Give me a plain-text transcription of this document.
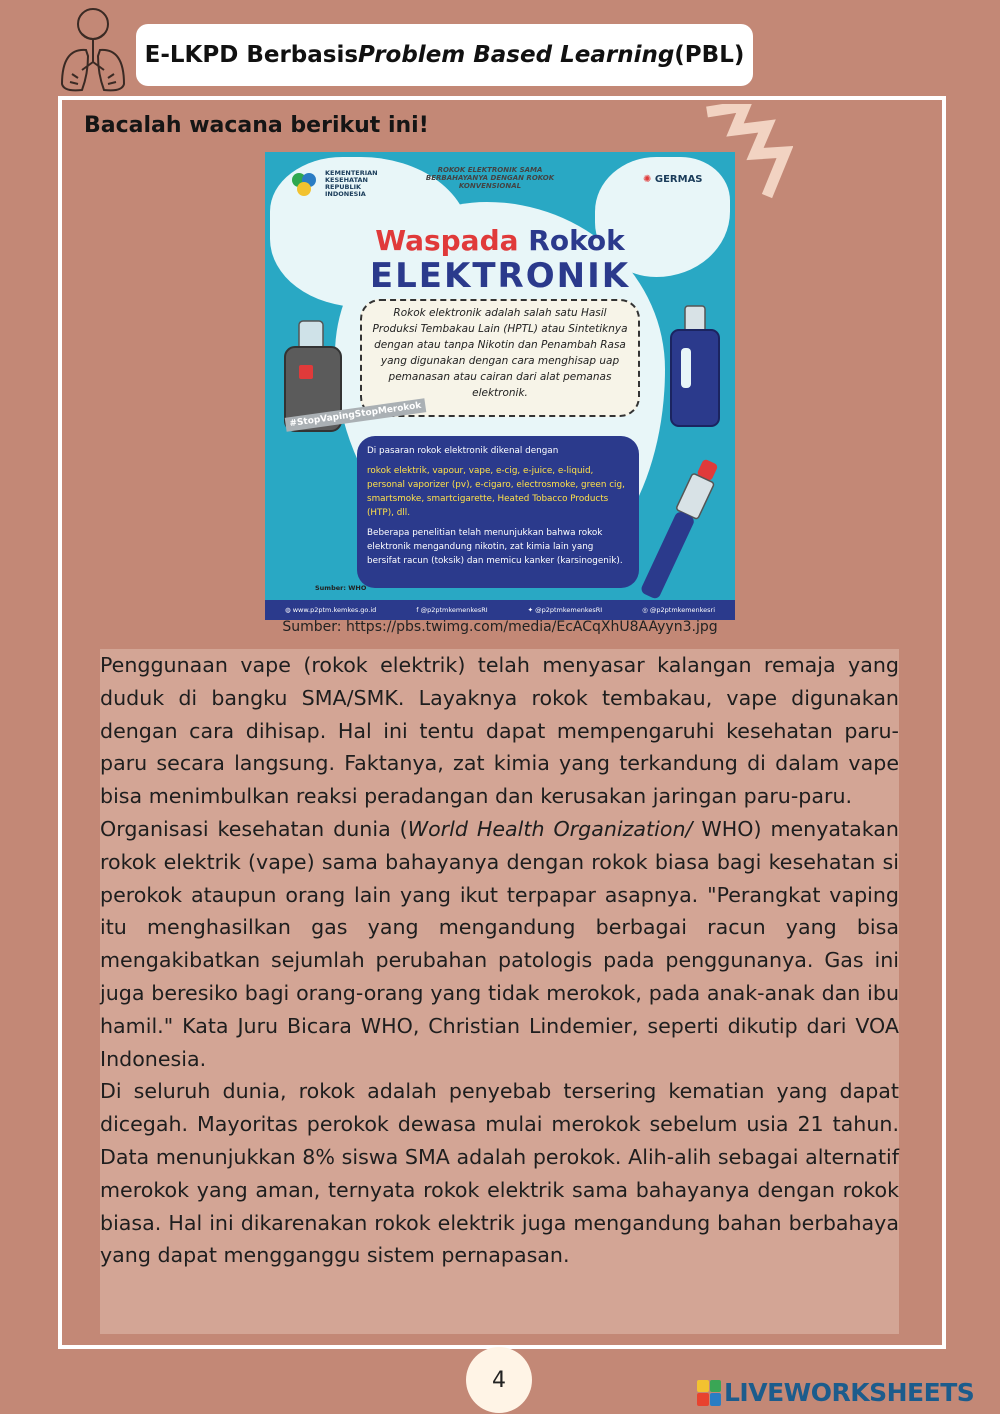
E-LKPD Berbasis Problem Based Learning (PBL)
Bacalah wacana berikut ini!
KEMENTERIAN KESEHATAN REPUBLIK INDONESIA
ROKOK ELEKTRONIK SAMA BERBAHAYANYA DENGAN ROKOK KONVENSIONAL
✺ GERMAS
Waspada Rokok
ELEKTRONIK
Rokok elektronik adalah salah satu Hasil Produksi Tembakau Lain (HPTL) atau Sintetiknya dengan atau tanpa Nikotin dan Penambah Rasa yang digunakan dengan cara menghisap uap pemanasan atau cairan dari alat pemanas elektronik.
#StopVapingStopMerokok

Di pasaran rokok elektronik dikenal dengan

rokok elektrik, vapour, vape, e-cig, e-juice, e-liquid, personal vaporizer (pv), e-cigaro, electrosmoke, green cig, smartsmoke, smartcigarette, Heated Tobacco Products (HTP), dll.

Beberapa penelitian telah menunjukkan bahwa rokok elektronik mengandung nikotin, zat kimia lain yang bersifat racun (toksik) dan memicu kanker (karsinogenik).

Sumber: WHO
◍ www.p2ptm.kemkes.go.id	f @p2ptmkemenkesRI	✦ @p2ptmkemenkesRI	◎ @p2ptmkemenkesri
Sumber: https://pbs.twimg.com/media/EcACqXhU8AAyyn3.jpg

Penggunaan vape (rokok elektrik) telah menyasar kalangan remaja yang duduk di bangku SMA/SMK. Layaknya rokok tembakau, vape digunakan dengan cara dihisap. Hal ini tentu dapat mempengaruhi kesehatan paru-paru secara langsung. Faktanya, zat kimia yang terkandung di dalam vape bisa menimbulkan reaksi peradangan dan kerusakan jaringan paru-paru.

Organisasi kesehatan dunia (World Health Organization/ WHO) menyatakan rokok elektrik (vape) sama bahayanya dengan rokok biasa bagi kesehatan si perokok ataupun orang lain yang ikut terpapar asapnya. "Perangkat vaping itu menghasilkan gas yang mengandung berbagai racun yang bisa mengakibatkan sejumlah perubahan patologis pada penggunanya. Gas ini juga beresiko bagi orang-orang yang tidak merokok, pada anak-anak dan ibu hamil." Kata Juru Bicara WHO, Christian Lindemier, seperti dikutip dari VOA Indonesia.

Di seluruh dunia, rokok adalah penyebab tersering kematian yang dapat dicegah. Mayoritas perokok dewasa mulai merokok sebelum usia 21 tahun. Data menunjukkan 8% siswa SMA adalah perokok. Alih-alih sebagai alternatif merokok yang aman, ternyata rokok elektrik sama bahayanya dengan rokok biasa. Hal ini dikarenakan rokok elektrik juga mengandung bahan berbahaya yang dapat mengganggu sistem pernapasan.

4	LIVEWORKSHEETS
